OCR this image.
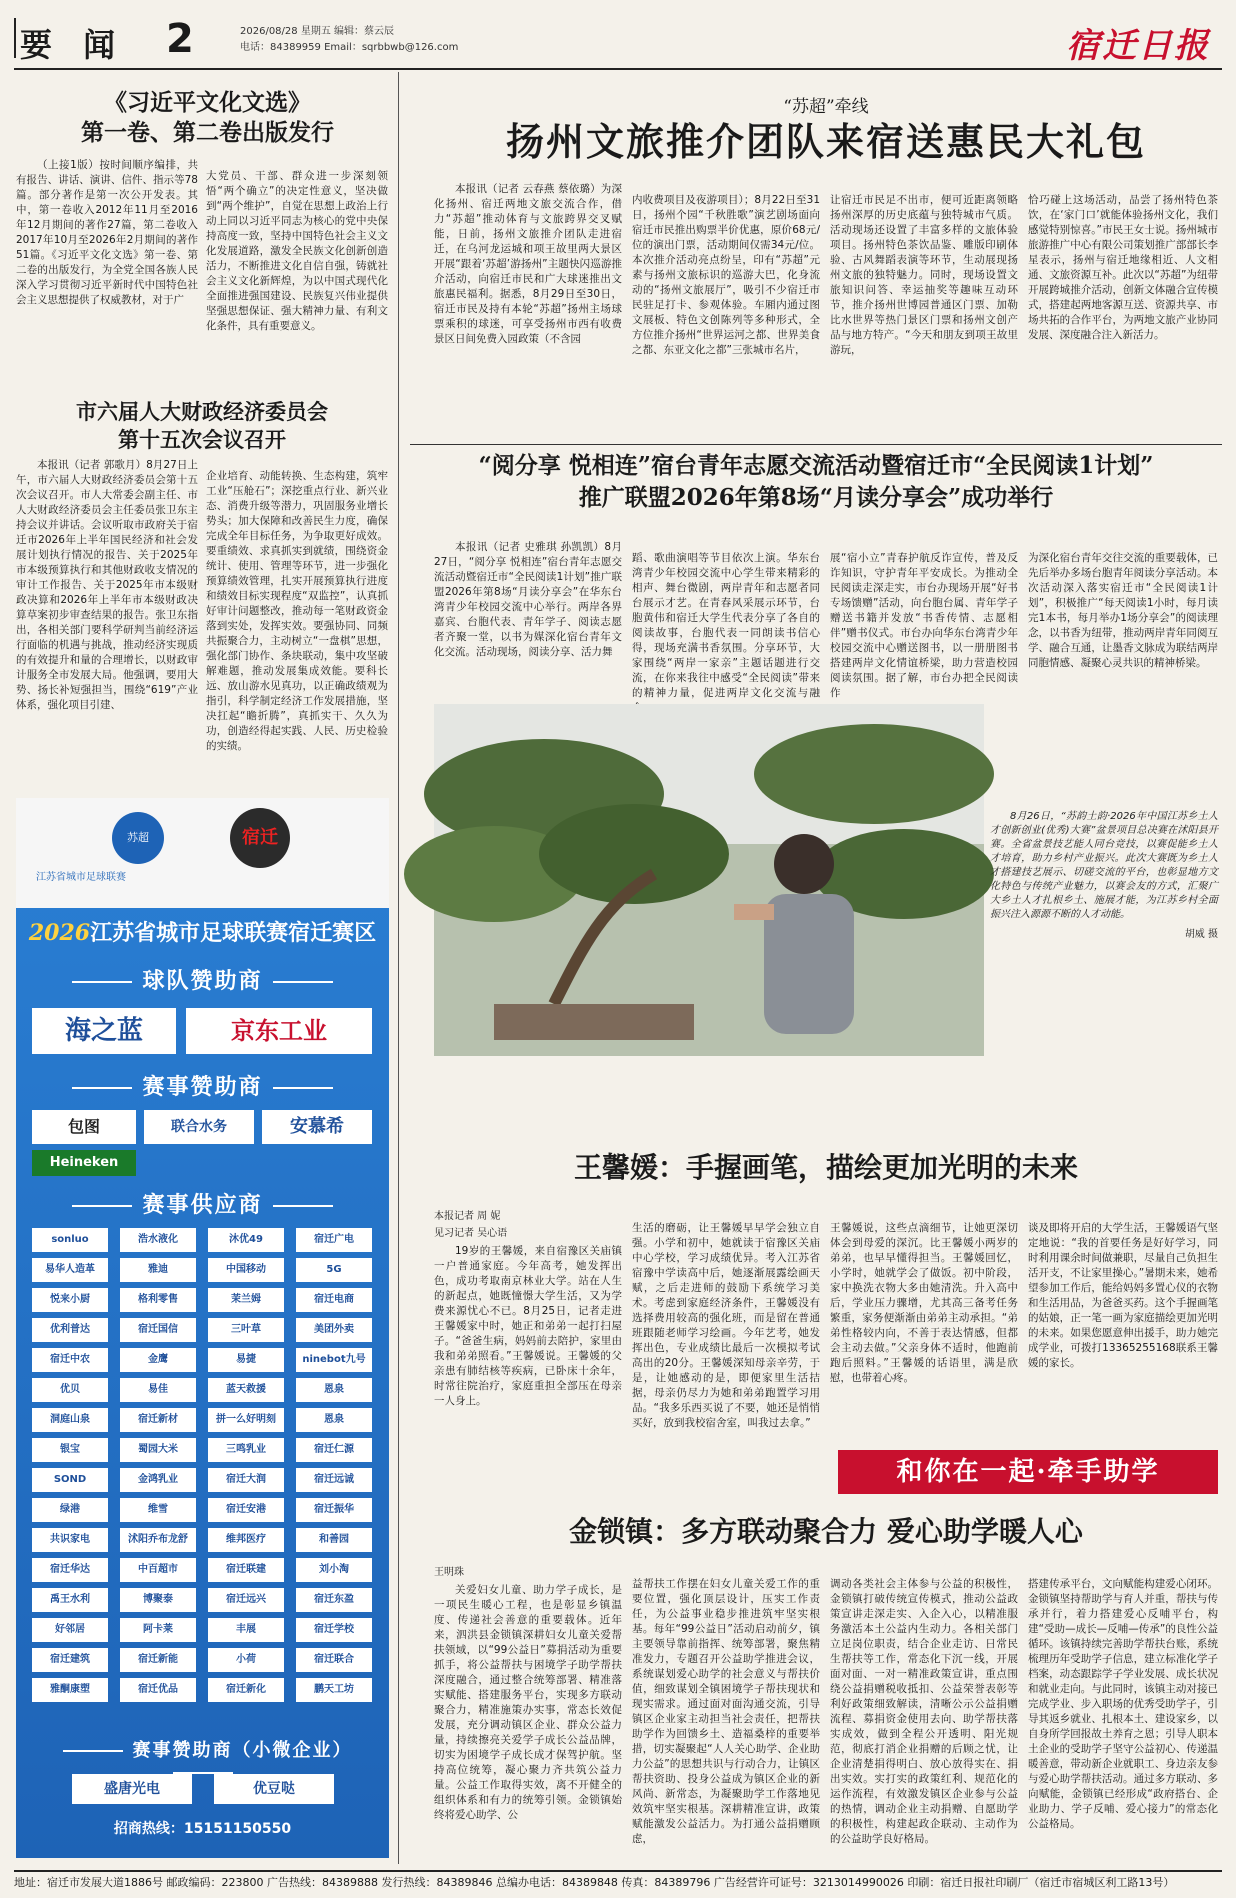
要 闻 2	2026/08/28 星期五 编辑：蔡云辰
电话：84389959 Email：sqrbbwb@126.com	宿迁日报
《习近平文化文选》
第一卷、第二卷出版发行

（上接1版）按时间顺序编排，共有报告、讲话、演讲、信件、指示等78篇。部分著作是第一次公开发表。其中，第一卷收入2012年11月至2016年12月期间的著作27篇，第二卷收入2017年10月至2026年2月期间的著作51篇。《习近平文化文选》第一卷、第二卷的出版发行，为全党全国各族人民深入学习贯彻习近平新时代中国特色社会主义思想提供了权威教材，对于广

大党员、干部、群众进一步深刻领悟“两个确立”的决定性意义，坚决做到“两个维护”，自觉在思想上政治上行动上同以习近平同志为核心的党中央保持高度一致，坚持中国特色社会主义文化发展道路，激发全民族文化创新创造活力，不断推进文化自信自强，铸就社会主义文化新辉煌，为以中国式现代化全面推进强国建设、民族复兴伟业提供坚强思想保证、强大精神力量、有利文化条件，具有重要意义。

市六届人大财政经济委员会
第十五次会议召开

本报讯（记者 郭歌月）8月27日上午，市六届人大财政经济委员会第十五次会议召开。市人大常委会副主任、市人大财政经济委员会主任委员张卫东主持会议并讲话。会议听取市政府关于宿迁市2026年上半年国民经济和社会发展计划执行情况的报告、关于2025年市本级预算执行和其他财政收支情况的审计工作报告、关于2025年市本级财政决算和2026年上半年市本级财政决算草案初步审查结果的报告。张卫东指出，各相关部门要科学研判当前经济运行面临的机遇与挑战，推动经济实现质的有效提升和量的合理增长，以财政审计服务全市发展大局。他强调，要用大势、扬长补短强担当，围绕“619”产业体系，强化项目引建、

企业培育、动能转换、生态构建，筑牢工业“压舱石”；深挖重点行业、新兴业态、消费升级等潜力，巩固服务业增长势头；加大保障和改善民生力度，确保完成全年目标任务，为争取更好成效。要重绩效、求真抓实到就绩，围绕资金统计、使用、管理等环节，进一步强化预算绩效管理，扎实开展预算执行进度和绩效目标实现程度“双监控”，认真抓好审计问题整改，推动每一笔财政资金落到实处，发挥实效。要强协同、同频共振聚合力，主动树立“一盘棋”思想，强化部门协作、条块联动，集中攻坚破解难题，推动发展集成效能。要科长远、放山游水见真功，以正确政绩观为指引，科学制定经济工作发展措施，坚决扛起“瞻折腾”，真抓实干、久久为功，创造经得起实践、人民、历史检验的实绩。

苏超
江苏省城市足球联赛
宿迁
2026江苏省城市足球联赛宿迁赛区
球队赞助商
海之蓝	京东工业
赛事赞助商
包图	联合水务	安慕希
Heineken
赛事供应商
sonluo	浩水液化	沐优49	宿迁广电
易华人造革	雅迪	中国移动	5G
悦来小厨	格利零售	茉兰姆	宿迁电商
优利普达	宿迁国信	三叶草	美团外卖
宿迁中农	金鹰	易捷	ninebot九号
优贝	易佳	蓝天救援	恩泉
洞庭山泉	宿迁新材	拼一么好明刻	恩泉
银宝	蜀园大米	三鸣乳业	宿迁仁源
SOND	金鸿乳业	宿迁大润	宿迁远诚
绿港	维雪	宿迁安港	宿迁振华
共识家电	沭阳乔布龙舒	维邦医疗	和善园
宿迁华达	中百超市	宿迁联建	刘小淘
禹王水利	博聚泰	宿迁远兴	宿迁东盈
好邻居	阿卡莱	丰展	宿迁学校
宿迁建筑	宿迁新能	小荷	宿迁联合
雅酮康塑	宿迁优品	宿迁新化	鹏天工坊
赛事赞助商（小微企业）
盛唐光电	优豆哒
招商热线：15151150550
“苏超”牵线
扬州文旅推介团队来宿送惠民大礼包

本报讯（记者 云春燕 蔡依璐）为深化扬州、宿迁两地文旅交流合作，借力“苏超”推动体育与文旅跨界交叉赋能，日前，扬州文旅推介团队走进宿迁，在乌河龙运城和项王故里两大景区开展“跟着‘苏超’游扬州”主题快闪巡游推介活动，向宿迁市民和广大球迷推出文旅惠民福利。据悉，8月29日至30日，宿迁市民及持有本轮“苏超”扬州主场球票乘积的球迷，可享受扬州市西有收费景区日间免费入园政策（不含园

内收费项目及夜游项目）；8月22日至31日，扬州个园“千秋胜歌”演艺剧场面向宿迁市民推出购票半价优惠，原价68元/位的演出门票，活动期间仅需34元/位。本次推介活动亮点纷呈，印有“苏超”元素与扬州文旅标识的巡游大巴，化身流动的“扬州文旅展厅”，吸引不少宿迁市民驻足打卡、参观体验。车厢内通过图文展板、特色文创陈列等多种形式，全方位推介扬州“世界运河之都、世界美食之都、东亚文化之都”三张城市名片，

让宿迁市民足不出市，便可近距离领略扬州深厚的历史底蕴与独特城市气质。活动现场还设置了丰富多样的文旅体验项目。扬州特色茶饮品鉴、雕版印刷体验、古风舞蹈表演等环节，生动展现扬州文旅的独特魅力。同时，现场设置文旅知识问答、幸运抽奖等趣味互动环节，推介扬州世博园普通区门票、加勒比水世界等热门景区门票和扬州文创产品与地方特产。“今天和朋友到项王故里游玩，

恰巧碰上这场活动，品尝了扬州特色茶饮，在‘家门口’就能体验扬州文化，我们感觉特别惊喜。”市民王女士说。扬州城市旅游推广中心有限公司策划推广部部长李星表示，扬州与宿迁地缘相近、人文相通、文旅资源互补。此次以“苏超”为纽带开展跨城推介活动，创新文体融合宣传模式，搭建起两地客源互送、资源共享、市场共拓的合作平台，为两地文旅产业协同发展、深度融合注入新活力。

“阅分享 悦相连”宿台青年志愿交流活动暨宿迁市“全民阅读1计划”
推广联盟2026年第8场“月读分享会”成功举行

本报讯（记者 史雅琪 孙凯凯）8月27日，“阅分享 悦相连”宿台青年志愿交流活动暨宿迁市“全民阅读1计划”推广联盟2026年第8场“月读分享会”在华东台湾青少年校园交流中心举行。两岸各界嘉宾、台胞代表、青年学子、阅读志愿者齐聚一堂，以书为媒深化宿台青年文化交流。活动现场，阅读分享、活力舞

蹈、歌曲演唱等节目依次上演。华东台湾青少年校园交流中心学生带来精彩的相声、舞台微剧，两岸青年和志愿者同台展示才艺。在青春风采展示环节，台胞黄伟和宿迁大学生代表分享了各自的阅读故事，台胞代表一同朗读书信心得，现场充满书香氛围。分享环节，大家围绕“两岸一家亲”主题话题进行交流，在你来我往中感受“全民阅读”带来的精神力量，促进两岸文化交流与融

展“宿小立”青春护航反诈宣传，普及反诈知识，守护青年平安成长。为推动全民阅读走深走实，市台办现场开展“好书专场馈赠”活动，向台胞台属、青年学子赠送书籍并发放“书香传情、志愿相伴”赠书仪式。市台办向华东台湾青少年校园交流中心赠送图书，以一册册图书搭建两岸文化情谊桥梁，助力营造校园阅读氛围。据了解，市台办把全民阅读作

为深化宿台青年交往交流的重要载体，已先后举办多场台胞青年阅读分享活动。本次活动深入落实宿迁市“全民阅读1计划”，积极推广“每天阅读1小时，每月读完1本书，每月举办1场分享会”的阅读理念，以书香为纽带，推动两岸青年同阅互学、融合互通，让墨香文脉成为联结两岸同胞情感、凝聚心灵共识的精神桥梁。

8月26日，“苏韵土韵·2026年中国江苏乡土人才创新创业(优秀)大赛”盆景项目总决赛在沭阳县开赛。全省盆景技艺能人同台竞技，以赛促能乡土人才培育，助力乡村产业振兴。此次大赛既为乡土人才搭建技艺展示、切磋交流的平台，也彰显地方文化特色与传统产业魅力，以赛会友的方式，汇聚广大乡土人才扎根乡土、施展才能，为江苏乡村全面振兴注入源源不断的人才动能。

胡威 摄
王馨媛：手握画笔，描绘更加光明的未来

本报记者 周 妮

见习记者 吴心语

19岁的王馨媛，来自宿豫区关庙镇一户普通家庭。今年高考，她发挥出色，成功考取南京林业大学。站在人生的新起点，她既憧憬大学生活，又为学费来源忧心不已。8月25日，记者走进王馨媛家中时，她正和弟弟一起打扫屋子。“爸爸生病，妈妈前去陪护，家里由我和弟弟照看。”王馨媛说。王馨媛的父亲患有肺结核等疾病，已卧床十余年，时常往院治疗，家庭重担全部压在母亲一人身上。

生活的磨砺，让王馨媛早早学会独立自强。小学和初中，她就读于宿豫区关庙中心学校，学习成绩优异。考入江苏省宿豫中学读高中后，她逐渐展露绘画天赋，之后走进师的鼓励下系统学习美术。考虑到家庭经济条件，王馨媛没有选择费用较高的强化班，而是留在普通班跟随老师学习绘画。今年艺考，她发挥出色，专业成绩比最后一次模拟考试高出的20分。王馨媛深知母亲辛劳，于是，让她感动的是，即便家里生活拮据，母亲仍尽力为她和弟弟跑置学习用品。“我多乐西买说了不要，她还是悄悄买好，放到我校宿舍室，叫我过去拿。”

王馨媛说，这些点滴细节，让她更深切体会到母爱的深沉。比王馨媛小两岁的弟弟，也早早懂得担当。王馨媛回忆，小学时，她就学会了做饭。初中阶段，家中换洗衣物大多由她清洗。升入高中后，学业压力骤增，尤其高三备考任务繁重，家务便渐渐由弟弟主动承担。“弟弟性格较内向，不善于表达情感，但都会主动去做。”父亲身体不适时，他跑前跑后照料。”王馨媛的话语里，满是欣慰，也带着心疼。

谈及即将开启的大学生活，王馨媛语气坚定地说：“我的首要任务是好好学习，同时利用课余时间做兼职，尽量自己负担生活开支，不让家里操心。”暑期未来，她希望参加工作后，能给妈妈多置心仪的衣物和生活用品，为爸爸买药。这个手握画笔的姑娘，正一笔一画为家庭描绘更加光明的未来。如果您愿意伸出援手，助力她完成学业，可拨打13365255168联系王馨媛的家长。

和你在一起·牵手助学
金锁镇：多方联动聚合力 爱心助学暖人心

王明珠

关爱妇女儿童、助力学子成长，是一项民生暖心工程，也是彰显乡镇温度、传递社会善意的重要载体。近年来，泗洪县金锁镇深耕妇女儿童关爱帮扶领域，以“99公益日”募捐活动为重要抓手，将公益帮扶与困境学子助学帮扶深度融合，通过整合统筹部署、精准落实赋能、搭建服务平台，实现多方联动聚合力，精准施策办实事，常态长效促发展，充分调动镇区企业、群众公益力量，持续擦亮关爱学子成长公益品牌，切实为困境学子成长成才保驾护航。坚持高位统筹，凝心聚力齐共筑公益力量。公益工作取得实效，离不开健全的组织体系和有力的统筹引领。金锁镇始终将爱心助学、公

益帮扶工作摆在妇女儿童关爱工作的重要位置，强化顶层设计，压实工作责任，为公益事业稳步推进筑牢坚实根基。每年“99公益日”活动启动前夕，镇主要领导靠前指挥、统筹部署，聚焦精准发力，专题召开公益助学推进会议，系统谋划爱心助学的社会意义与帮扶价值，细致谋划全镇困境学子帮扶现状和现实需求。通过面对面沟通交流，引导镇区企业家主动担当社会责任，把帮扶助学作为回馈乡土、造福桑梓的重要举措，切实凝聚起“人人关心助学、企业助力公益”的思想共识与行动合力，让镇区帮扶资助、投身公益成为镇区企业的新风尚、新常态，为凝聚助学工作落地见效筑牢坚实根基。深耕精准宣讲，政策赋能激发公益活力。为打通公益捐赠顾虑，

调动各类社会主体参与公益的积极性，金锁镇打破传统宣传模式，推动公益政策宣讲走深走实、入企入心，以精准服务激活本土公益内生动力。各相关部门立足岗位职责，结合企业走访、日常民生帮扶等工作，常态化下沉一线，开展面对面、一对一精准政策宣讲，重点围绕公益捐赠税收抵扣、公益荣誉表彰等利好政策细致解读，清晰公示公益捐赠流程、募捐资金使用去向、助学帮扶落实成效，做到全程公开透明、阳光规范，彻底打消企业捐赠的后顾之忧，让企业清楚捐得明白、放心放得实在、捐出实效。实打实的政策红利、规范化的运作流程，有效激发镇区企业参与公益的热情，调动企业主动捐赠、自愿助学的积极性，构建起政企联动、主动作为的公益助学良好格局。

搭建传承平台，文向赋能构建爱心闭环。金锁镇坚持帮助学与育人并重，帮扶与传承并行，着力搭建爱心反哺平台，构建“受助—成长—反哺—传承”的良性公益循环。该镇持续完善助学帮扶台账，系统梳理历年受助学子信息，建立标准化学子档案，动态跟踪学子学业发展、成长状况和就业走向。与此同时，该镇主动对接已完成学业、步入职场的优秀受助学子，引导其返乡就业、扎根本土、建设家乡，以自身所学回报故土养育之恩；引导人职本土企业的受助学子坚守公益初心、传递温暖善意，带动新企业就职工、身边亲友参与爱心助学帮扶活动。通过多方联动、多向赋能，金锁镇已经形成“政府搭台、企业助力、学子反哺、爱心接力”的常态化公益格局。

地址：宿迁市发展大道1886号 邮政编码：223800 广告热线：84389888 发行热线：84389846 总编办电话：84389848 传真：84389796 广告经营许可证号：3213014990026 印刷：宿迁日报社印刷厂（宿迁市宿城区利工路13号）
